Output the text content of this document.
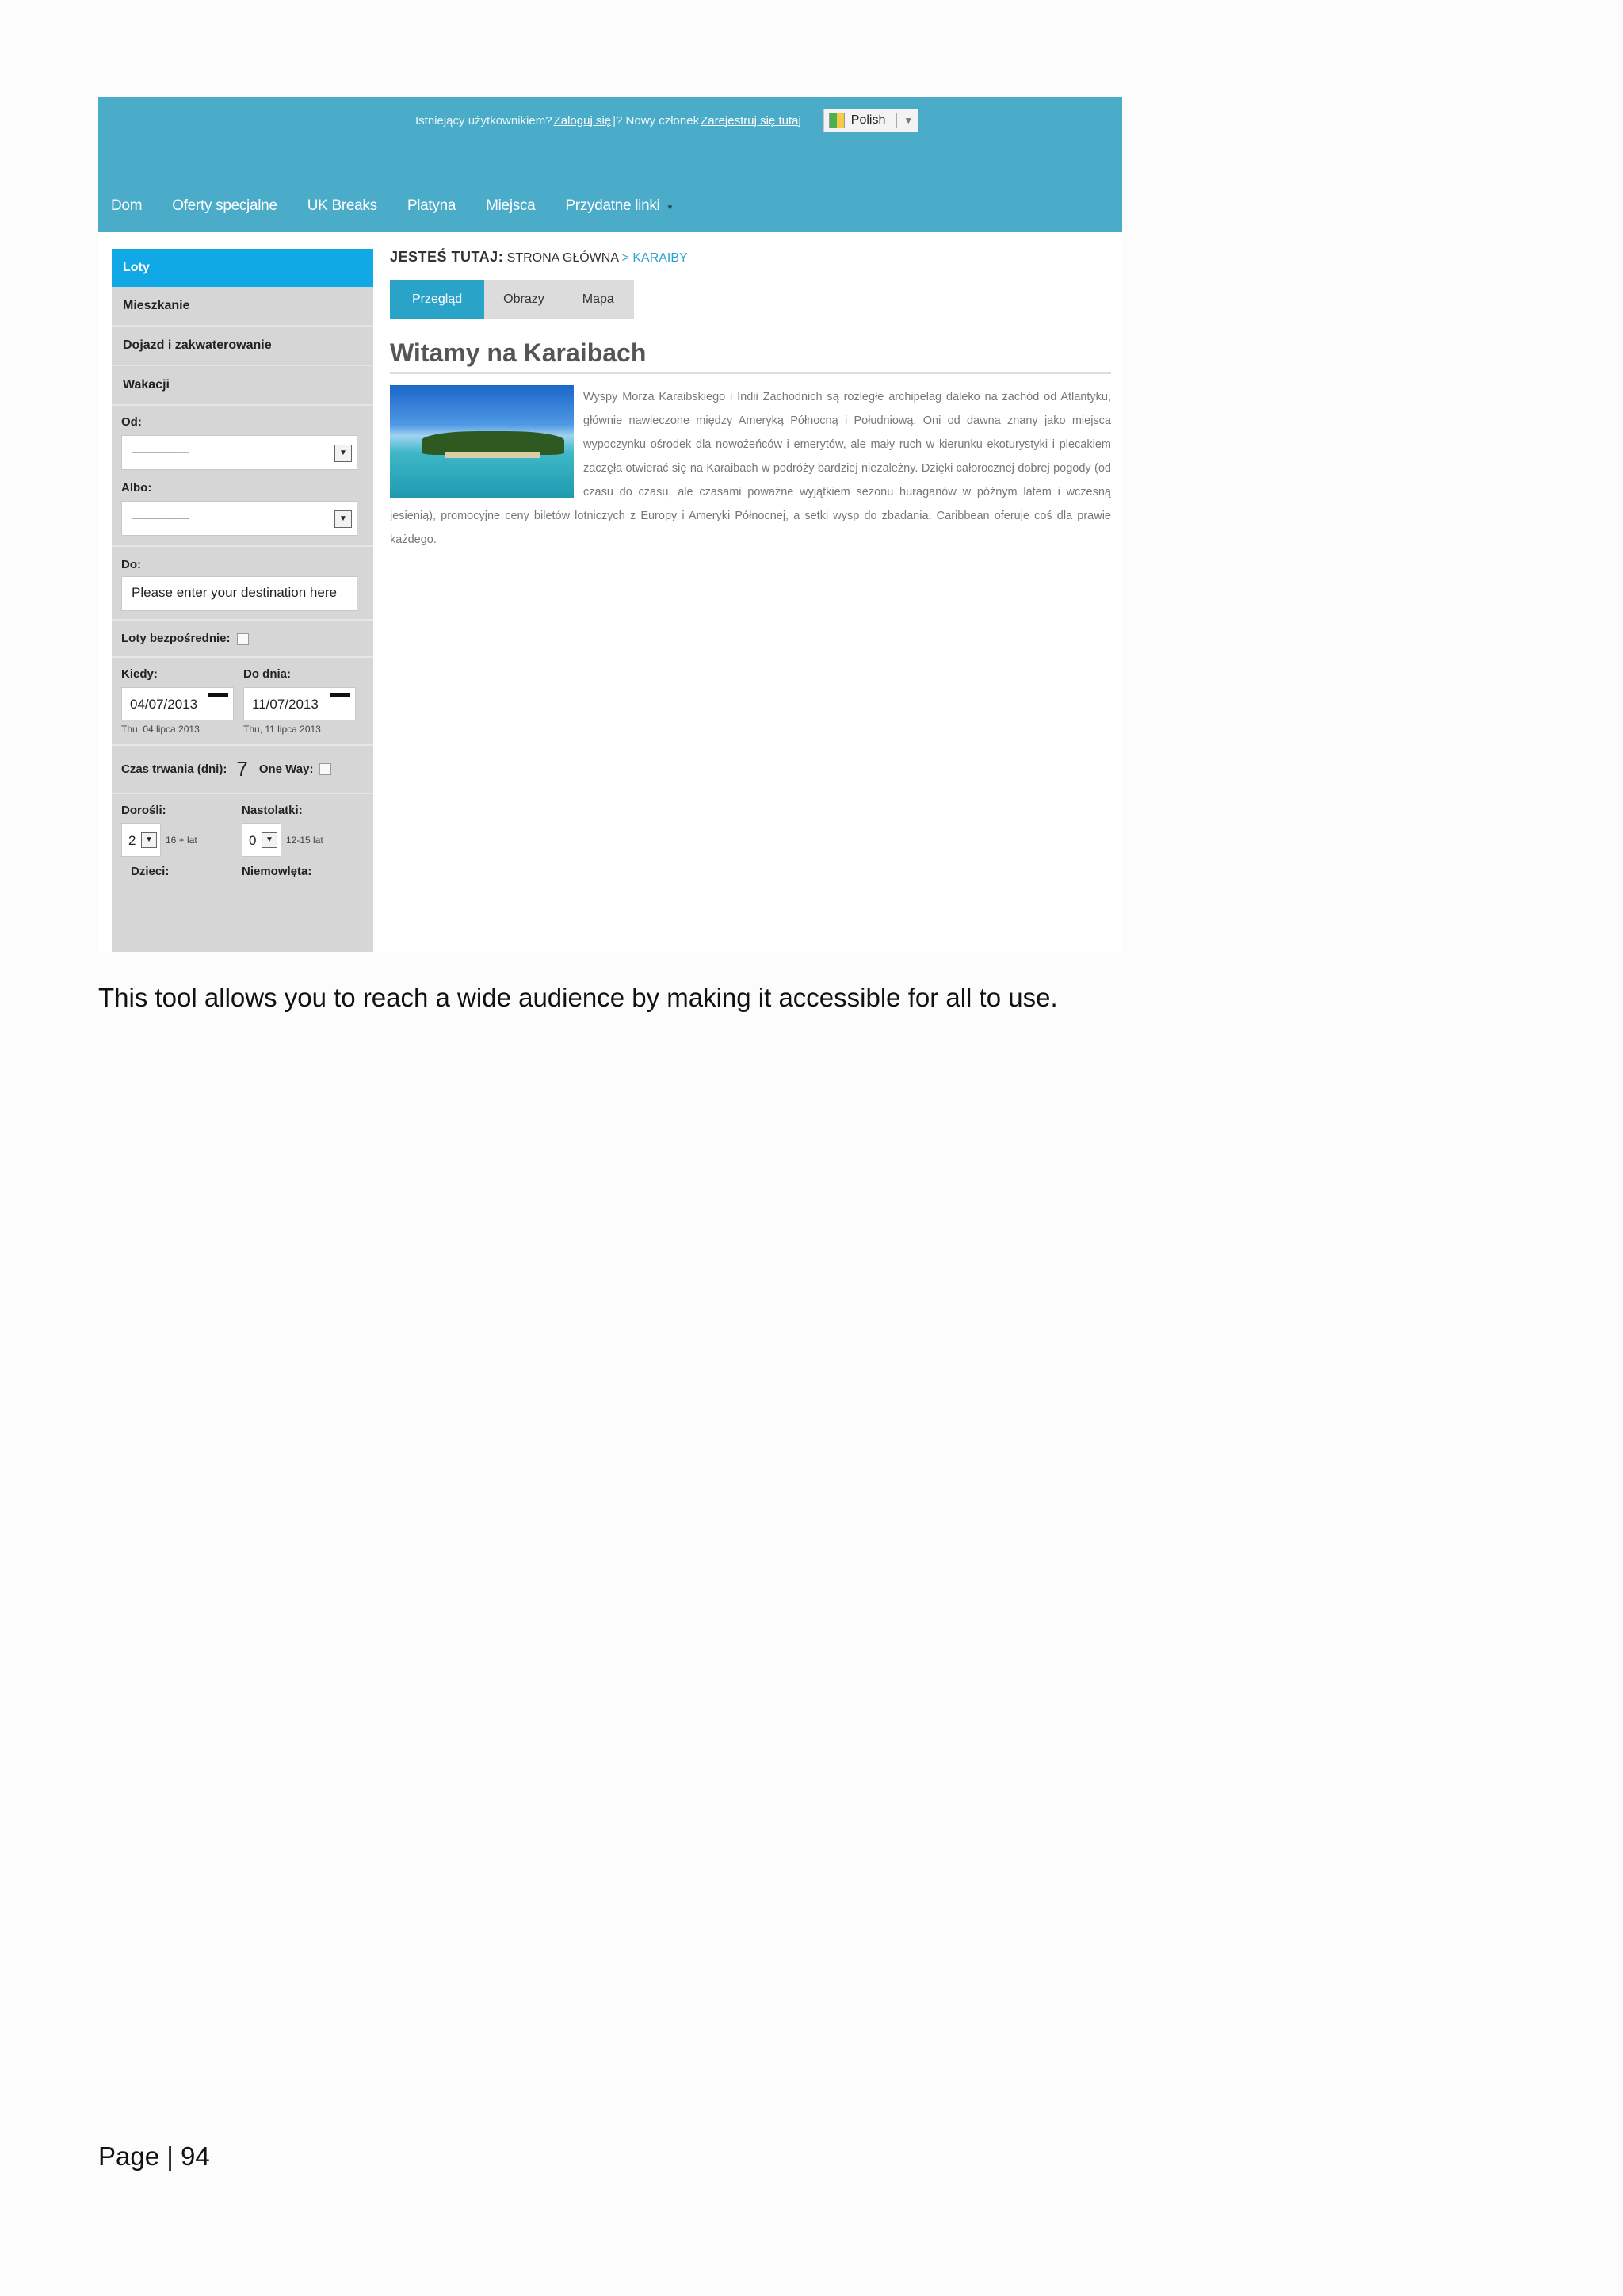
Istniejący użytkownikiem? Zaloguj się |? Nowy członek Zarejestruj się tutaj	Polish ▼
Dom	Oferty specjalne	UK Breaks	Platyna	Miejsca	Przydatne linki ▼
Loty
Mieszkanie
Dojazd i zakwaterowanie
Wakacji
Od:
------------------------	▼
Albo:
------------------------	▼
Do:
Please enter your destination here
Loty bezpośrednie:
Kiedy:
04/07/2013
Thu, 04 lipca 2013
Do dnia:
11/07/2013
Thu, 11 lipca 2013
Czas trwania (dni): 7 One Way:
Dorośli:
2	▼	16 + lat
Nastolatki:
0	▼	12-15 lat
Dzieci:	Niemowlęta:
JESTEŚ TUTAJ: STRONA GŁÓWNA > KARAIBY
Przegląd	Obrazy	Mapa
Witamy na Karaibach
Wyspy Morza Karaibskiego i Indii Zachodnich są rozległe archipelag daleko na zachód od Atlantyku, głównie nawleczone między Ameryką Północną i Południową. Oni od dawna znany jako miejsca wypoczynku ośrodek dla nowożeńców i emerytów, ale mały ruch w kierunku ekoturystyki i plecakiem zaczęła otwierać się na Karaibach w podróży bardziej niezależny. Dzięki całorocznej dobrej pogody (od czasu do czasu, ale czasami poważne wyjątkiem sezonu huraganów w późnym latem i wczesną jesienią), promocyjne ceny biletów lotniczych z Europy i Ameryki Północnej, a setki wysp do zbadania, Caribbean oferuje coś dla prawie każdego.
This tool allows you to reach a wide audience by making it accessible for all to use.
Page | 94
